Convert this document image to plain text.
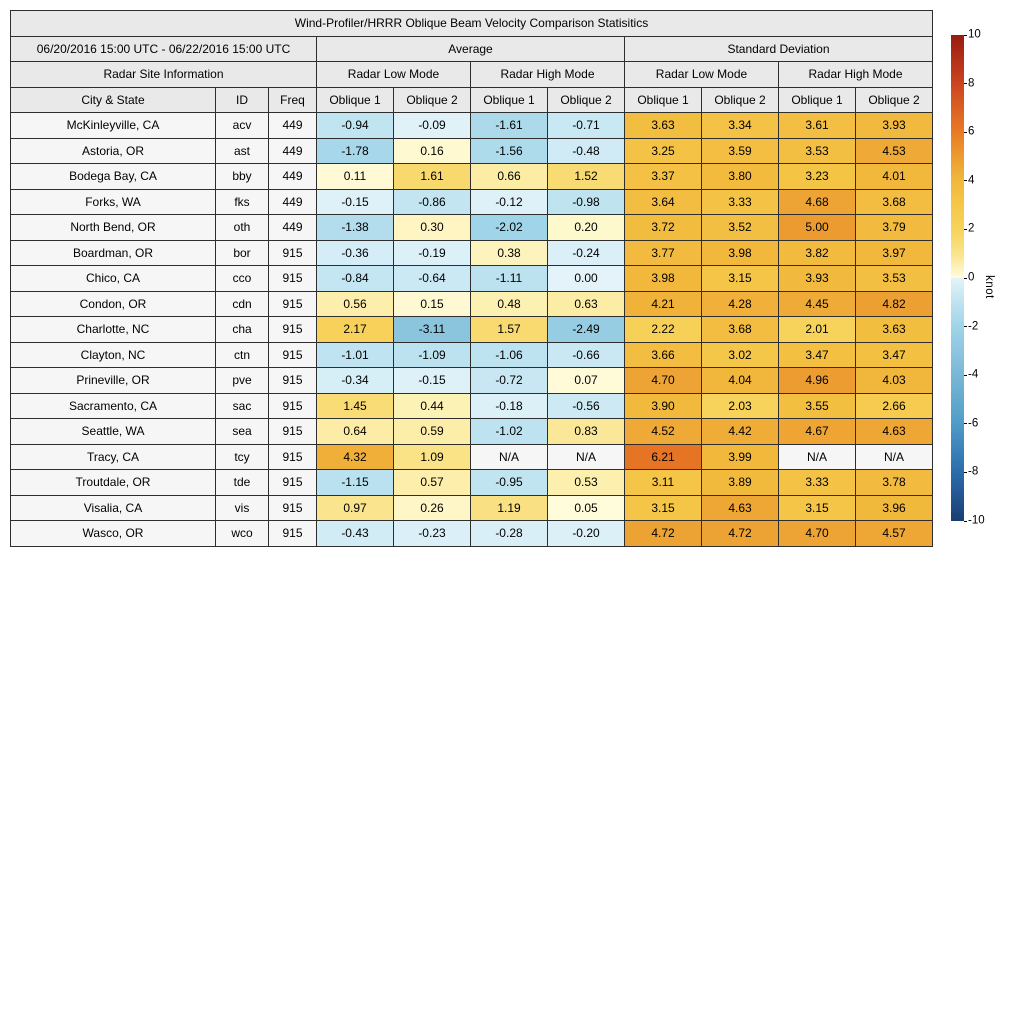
Wind-Profiler/HRRR Oblique Beam Velocity Comparison Statisitics										
06/20/2016 15:00 UTC - 06/22/2016 15:00 UTC			Average				Standard Deviation			
Radar Site Information			Radar Low Mode		Radar High Mode		Radar Low Mode		Radar High Mode	
City & State	ID	Freq	Oblique 1	Oblique 2	Oblique 1	Oblique 2	Oblique 1	Oblique 2	Oblique 1	Oblique 2
McKinleyville, CA	acv	449	-0.94	-0.09	-1.61	-0.71	3.63	3.34	3.61	3.93
Astoria, OR	ast	449	-1.78	0.16	-1.56	-0.48	3.25	3.59	3.53	4.53
Bodega Bay, CA	bby	449	0.11	1.61	0.66	1.52	3.37	3.80	3.23	4.01
Forks, WA	fks	449	-0.15	-0.86	-0.12	-0.98	3.64	3.33	4.68	3.68
North Bend, OR	oth	449	-1.38	0.30	-2.02	0.20	3.72	3.52	5.00	3.79
Boardman, OR	bor	915	-0.36	-0.19	0.38	-0.24	3.77	3.98	3.82	3.97
Chico, CA	cco	915	-0.84	-0.64	-1.11	0.00	3.98	3.15	3.93	3.53
Condon, OR	cdn	915	0.56	0.15	0.48	0.63	4.21	4.28	4.45	4.82
Charlotte, NC	cha	915	2.17	-3.11	1.57	-2.49	2.22	3.68	2.01	3.63
Clayton, NC	ctn	915	-1.01	-1.09	-1.06	-0.66	3.66	3.02	3.47	3.47
Prineville, OR	pve	915	-0.34	-0.15	-0.72	0.07	4.70	4.04	4.96	4.03
Sacramento, CA	sac	915	1.45	0.44	-0.18	-0.56	3.90	2.03	3.55	2.66
Seattle, WA	sea	915	0.64	0.59	-1.02	0.83	4.52	4.42	4.67	4.63
Tracy, CA	tcy	915	4.32	1.09	N/A	N/A	6.21	3.99	N/A	N/A
Troutdale, OR	tde	915	-1.15	0.57	-0.95	0.53	3.11	3.89	3.33	3.78
Visalia, CA	vis	915	0.97	0.26	1.19	0.05	3.15	4.63	3.15	3.96
Wasco, OR	wco	915	-0.43	-0.23	-0.28	-0.20	4.72	4.72	4.70	4.57
10
8
6
4
2
0
-2
-4
-6
-8
-10
knot
